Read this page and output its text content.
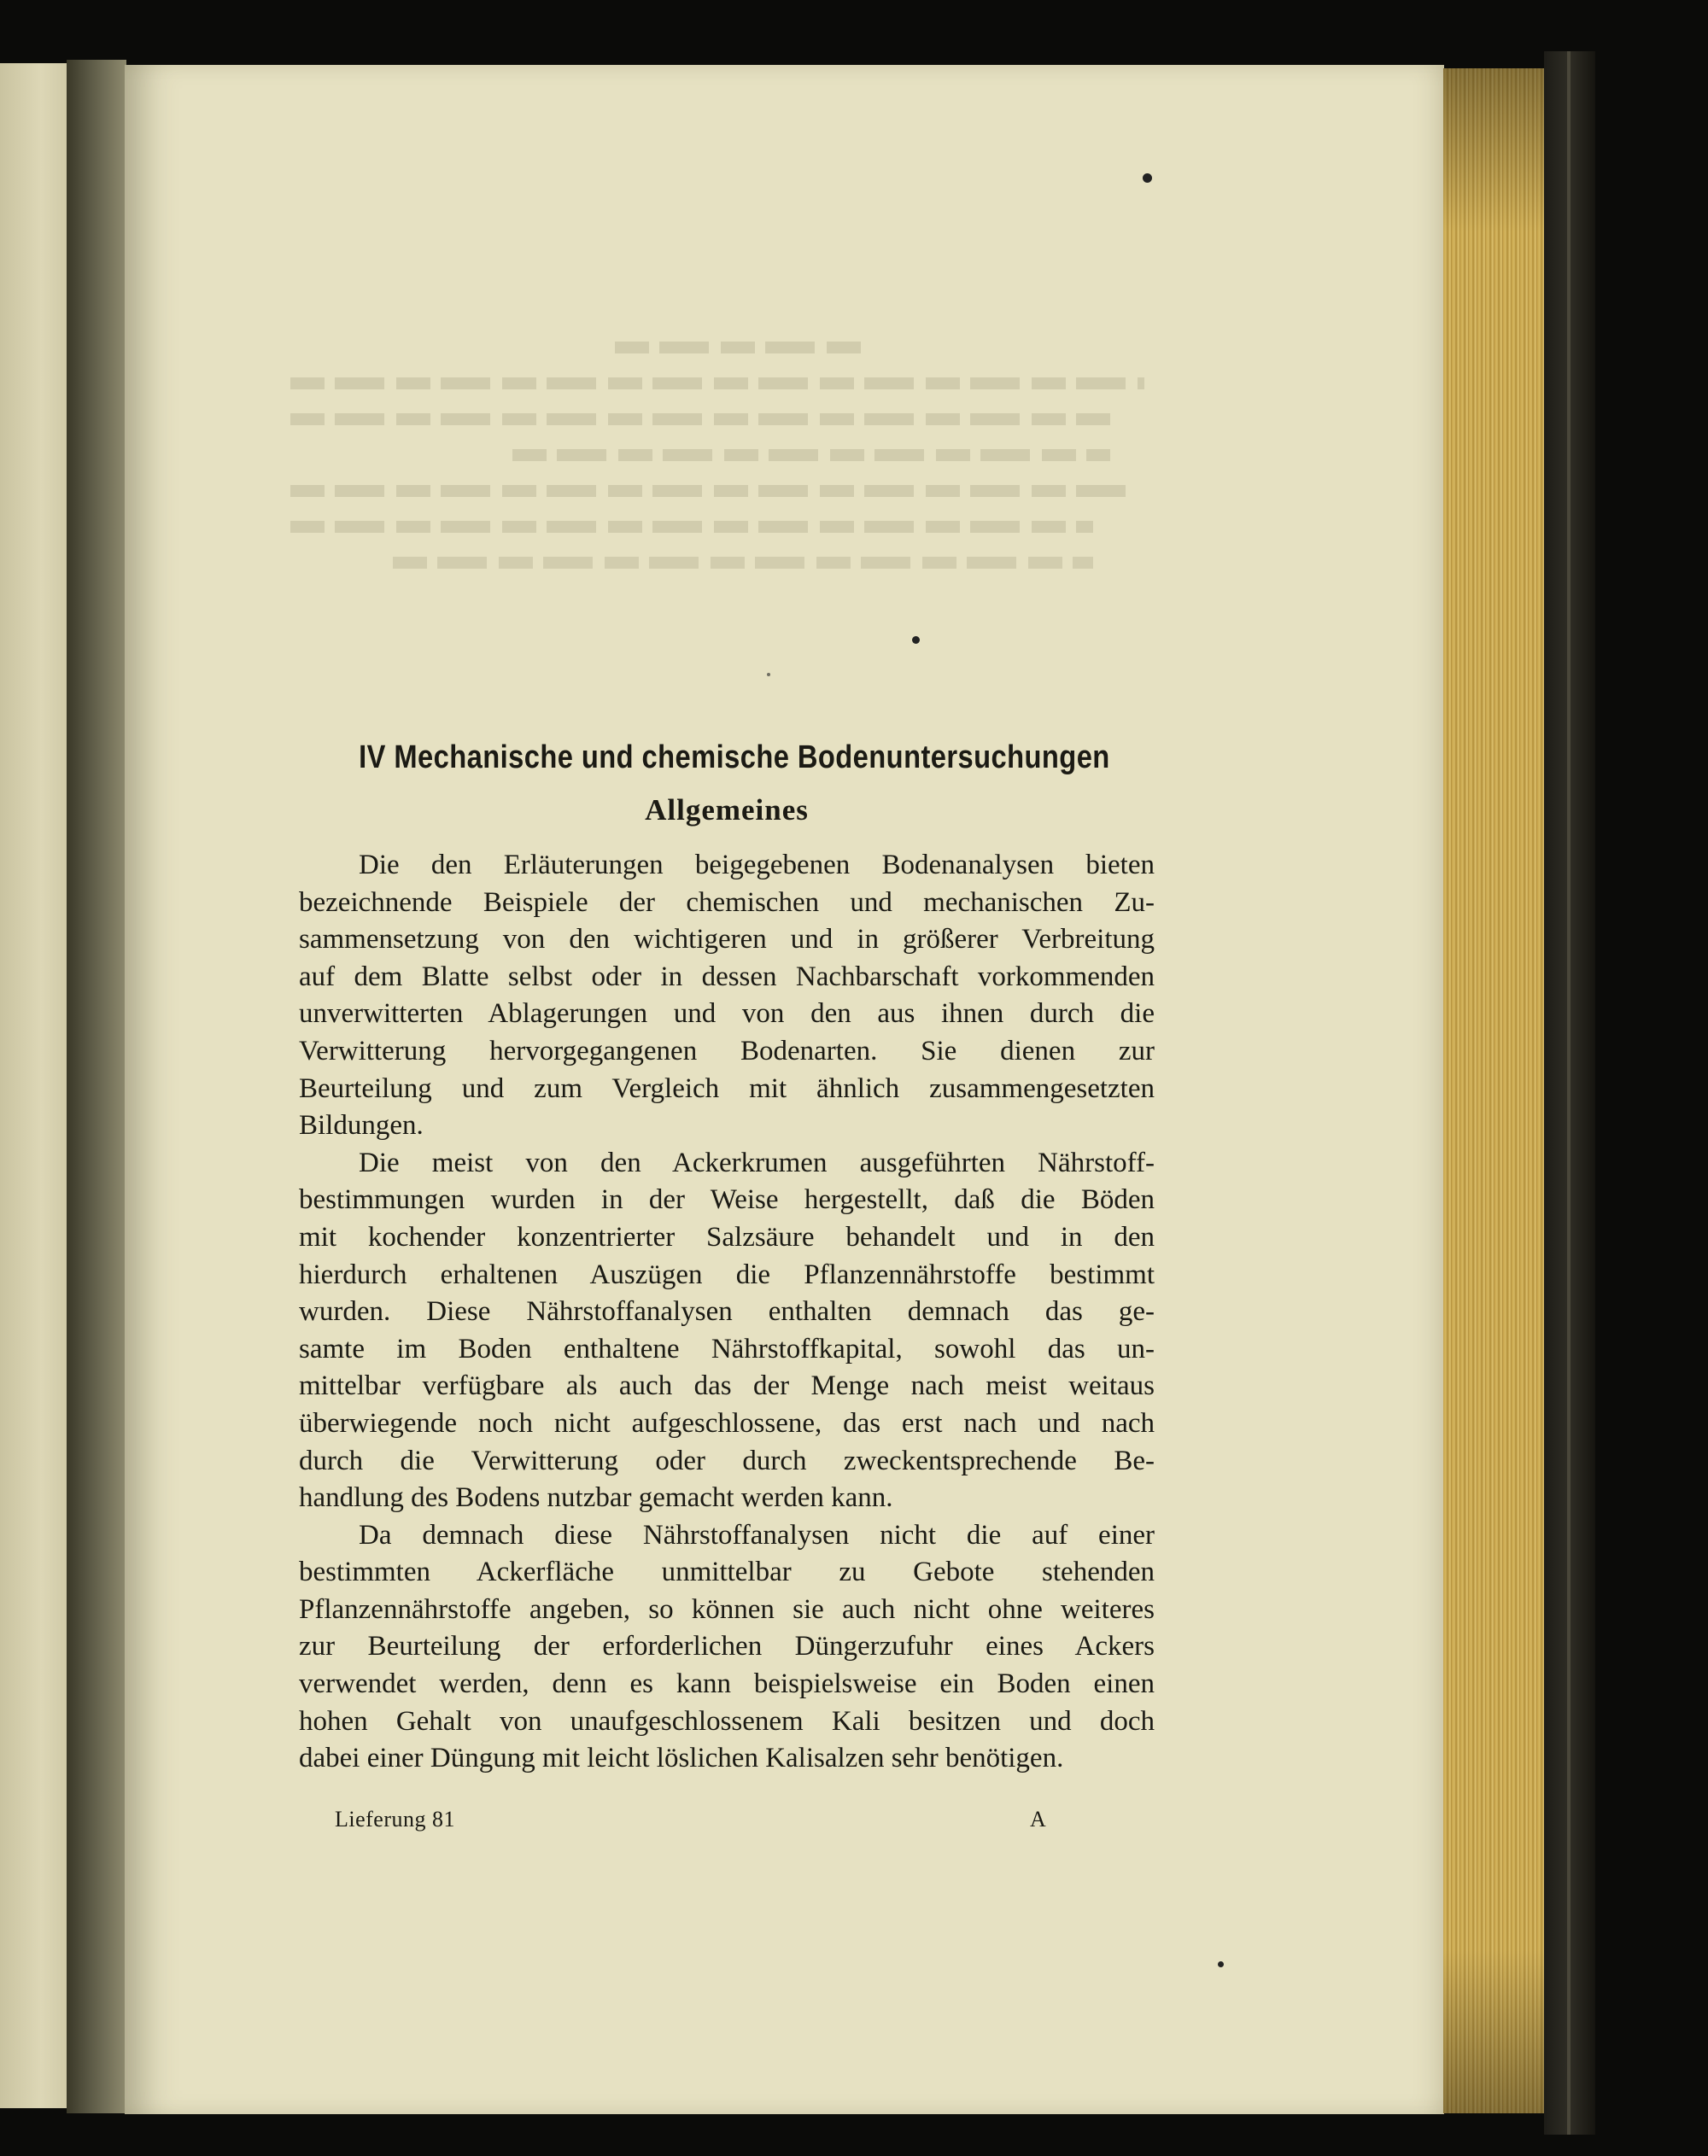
IV Mechanische und chemische Bodenuntersuchungen
Allgemeines

Die den Erläuterungen beigegebenen Bodenanalysen bieten

bezeichnende Beispiele der chemischen und mechanischen Zu-

sammensetzung von den wichtigeren und in größerer Verbreitung

auf dem Blatte selbst oder in dessen Nachbarschaft vorkommenden

unverwitterten Ablagerungen und von den aus ihnen durch die

Verwitterung hervorgegangenen Bodenarten. Sie dienen zur

Beurteilung und zum Vergleich mit ähnlich zusammengesetzten

Bildungen.

Die meist von den Ackerkrumen ausgeführten Nährstoff-

bestimmungen wurden in der Weise hergestellt, daß die Böden

mit kochender konzentrierter Salzsäure behandelt und in den

hierdurch erhaltenen Auszügen die Pflanzennährstoffe bestimmt

wurden. Diese Nährstoffanalysen enthalten demnach das ge-

samte im Boden enthaltene Nährstoffkapital, sowohl das un-

mittelbar verfügbare als auch das der Menge nach meist weitaus

überwiegende noch nicht aufgeschlossene, das erst nach und nach

durch die Verwitterung oder durch zweckentsprechende Be-

handlung des Bodens nutzbar gemacht werden kann.

Da demnach diese Nährstoffanalysen nicht die auf einer

bestimmten Ackerfläche unmittelbar zu Gebote stehenden

Pflanzennährstoffe angeben, so können sie auch nicht ohne weiteres

zur Beurteilung der erforderlichen Düngerzufuhr eines Ackers

verwendet werden, denn es kann beispielsweise ein Boden einen

hohen Gehalt von unaufgeschlossenem Kali besitzen und doch

dabei einer Düngung mit leicht löslichen Kalisalzen sehr benötigen.

Lieferung 81	A
